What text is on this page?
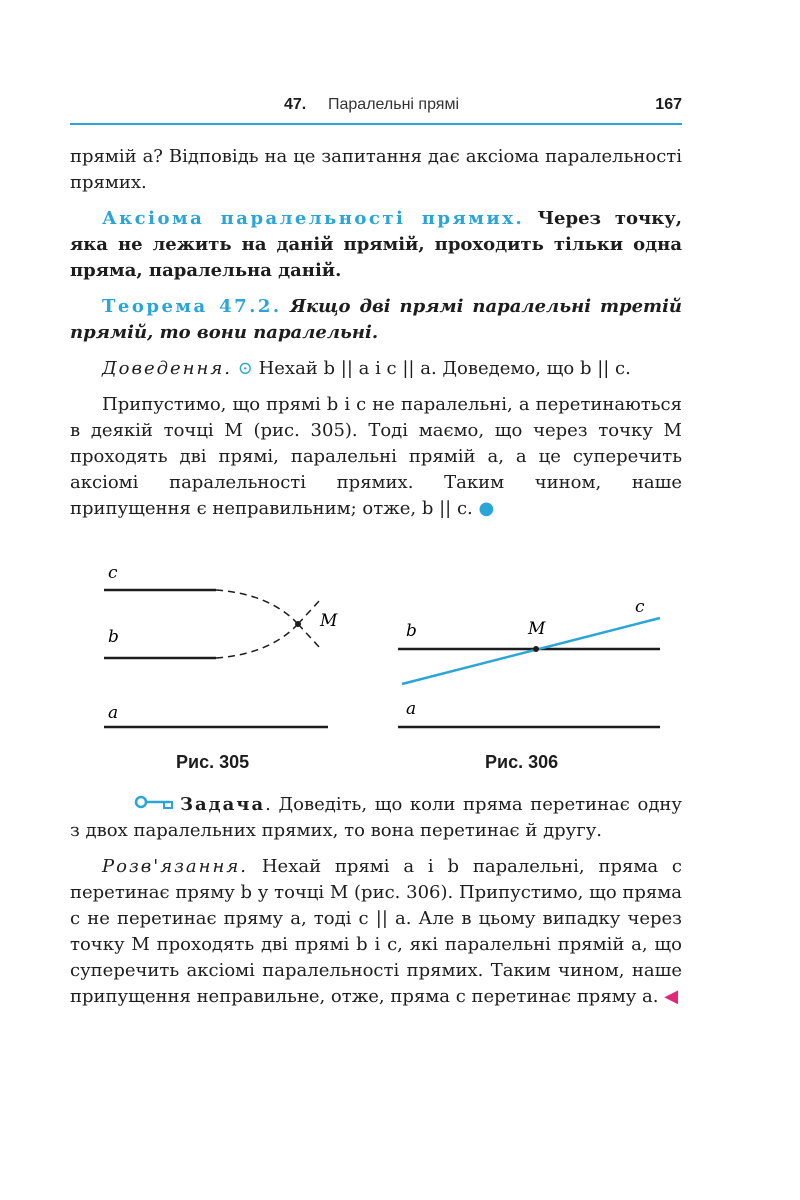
47. Паралельні прямі	167

прямій a? Відповідь на це запитання дає аксіома паралельності прямих.

Аксіома паралельності прямих. Через точку, яка не лежить на даній прямій, проходить тільки одна пряма, паралельна даній.

Теорема 47.2. Якщо дві прямі паралельні третій прямій, то вони паралельні.

Доведення. ⊙ Нехай b || a і c || a. Доведемо, що b || c.

Припустимо, що прямі b і c не паралельні, а перетинаються в деякій точці M (рис. 305). Тоді маємо, що через точку M проходять дві прямі, паралельні прямій a, а це суперечить аксіомі паралельності прямих. Таким чином, наше припущення є неправильним; отже, b || c. ●

c
b
a
M	b
a
M
c
Рис. 305	Рис. 306

Задача. Доведіть, що коли пряма перетинає одну з двох паралельних прямих, то вона перетинає й другу.

Розв'язання. Нехай прямі a і b паралельні, пряма c перетинає пряму b у точці M (рис. 306). Припустимо, що пряма c не перетинає пряму a, тоді c || a. Але в цьому випадку через точку M проходять дві прямі b і c, які паралельні прямій a, що суперечить аксіомі паралельності прямих. Таким чином, наше припущення неправильне, отже, пряма c перетинає пряму a. ◀
